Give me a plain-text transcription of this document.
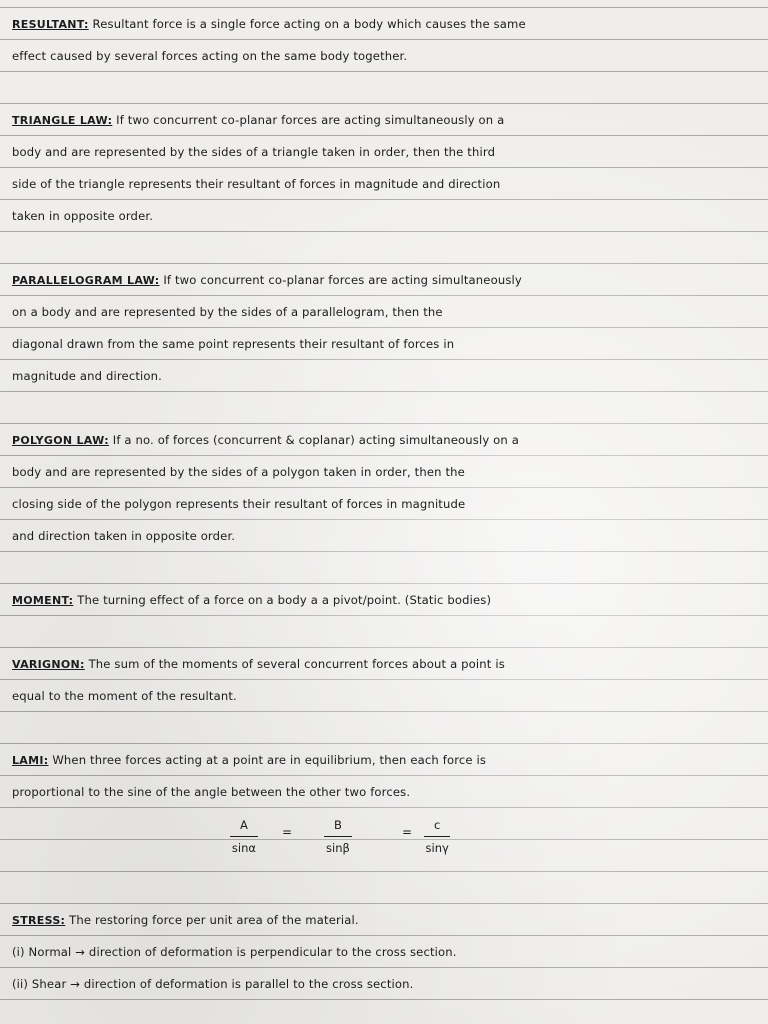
RESULTANT: Resultant force is a single force acting on a body which causes the same
effect caused by several forces acting on the same body together.
TRIANGLE LAW: If two concurrent co-planar forces are acting simultaneously on a
body and are represented by the sides of a triangle taken in order, then the third
side of the triangle represents their resultant of forces in magnitude and direction
taken in opposite order.
PARALLELOGRAM LAW: If two concurrent co-planar forces are acting simultaneously
on a body and are represented by the sides of a parallelogram, then the
diagonal drawn from the same point represents their resultant of forces in
magnitude and direction.
POLYGON LAW: If a no. of forces (concurrent & coplanar) acting simultaneously on a
body and are represented by the sides of a polygon taken in order, then the
closing side of the polygon represents their resultant of forces in magnitude
and direction taken in opposite order.
MOMENT: The turning effect of a force on a body a a pivot/point. (Static bodies)
VARIGNON: The sum of the moments of several concurrent forces about a point is
equal to the moment of the resultant.
LAMI: When three forces acting at a point are in equilibrium, then each force is
proportional to the sine of the angle between the other two forces.
$\frac{A}{\sin\alpha}$ =	$\frac{B}{\sin\beta}$	= $\frac{c}{\sin\gamma}$
STRESS: The restoring force per unit area of the material.
(i) Normal → direction of deformation is perpendicular to the cross section.
(ii) Shear → direction of deformation is parallel to the cross section.
